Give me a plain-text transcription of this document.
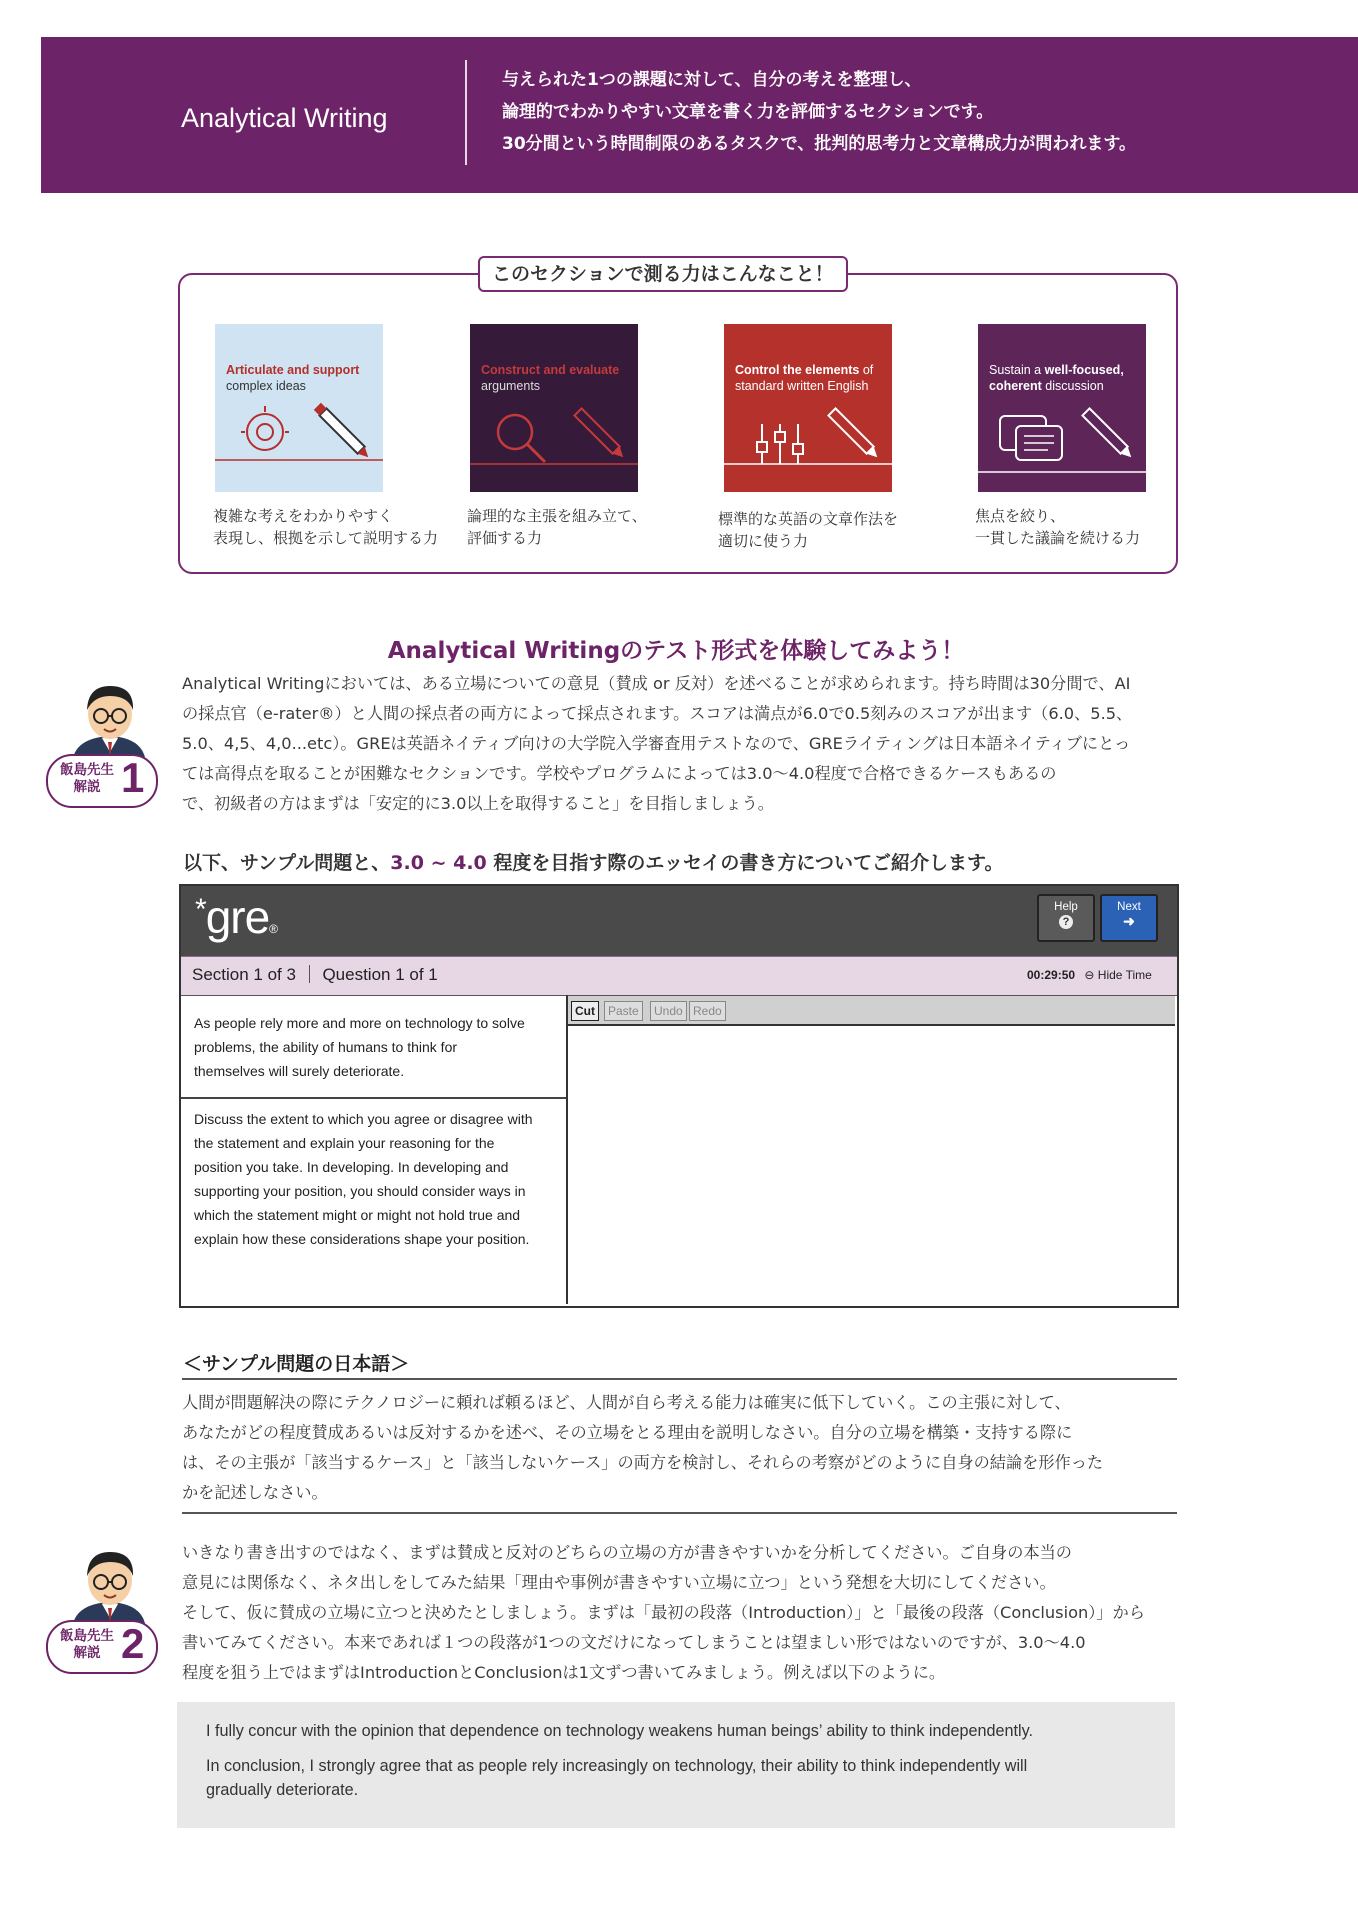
Analytical Writing
与えられた1つの課題に対して、自分の考えを整理し、
論理的でわかりやすい文章を書く力を評価するセクションです。
30分間という時間制限のあるタスクで、批判的思考力と文章構成力が問われます。
このセクションで測る力はこんなこと！
Articulate and support complex ideas
Construct and evaluate arguments
Control the elements of standard written English
Sustain a well-focused, coherent discussion
複雑な考えをわかりやすく
表現し、根拠を示して説明する力
論理的な主張を組み立て、
評価する力
標準的な英語の文章作法を
適切に使う力
焦点を絞り、
一貫した議論を続ける力
Analytical Writingのテスト形式を体験してみよう！
飯島先生
解説 1
Analytical Writingにおいては、ある立場についての意見（賛成 or 反対）を述べることが求められます。持ち時間は30分間で、AI
の採点官（e-rater®）と人間の採点者の両方によって採点されます。スコアは満点が6.0で0.5刻みのスコアが出ます（6.0、5.5、
5.0、4,5、4,0...etc）。GREは英語ネイティブ向けの大学院入学審査用テストなので、GREライティングは日本語ネイティブにとっ
ては高得点を取ることが困難なセクションです。学校やプログラムによっては3.0〜4.0程度で合格できるケースもあるの
で、初級者の方はまずは「安定的に3.0以上を取得すること」を目指しましょう。
以下、サンプル問題と、3.0 ~ 4.0 程度を目指す際のエッセイの書き方についてご紹介します。
*gre®
Help
?
Next
➜
Section 1 of 3 Question 1 of 1	00:29:50 ⊖ Hide Time
As people rely more and more on technology to solve
problems, the ability of humans to think for
themselves will surely deteriorate.
Discuss the extent to which you agree or disagree with
the statement and explain your reasoning for the
position you take. In developing. In developing and
supporting your position, you should consider ways in
which the statement might or might not hold true and
explain how these considerations shape your position.
Cut	Paste	Undo Redo
＜サンプル問題の日本語＞
人間が問題解決の際にテクノロジーに頼れば頼るほど、人間が自ら考える能力は確実に低下していく。この主張に対して、
あなたがどの程度賛成あるいは反対するかを述べ、その立場をとる理由を説明しなさい。自分の立場を構築・支持する際に
は、その主張が「該当するケース」と「該当しないケース」の両方を検討し、それらの考察がどのように自身の結論を形作った
かを記述しなさい。
飯島先生
解説 2
いきなり書き出すのではなく、まずは賛成と反対のどちらの立場の方が書きやすいかを分析してください。ご自身の本当の
意見には関係なく、ネタ出しをしてみた結果「理由や事例が書きやすい立場に立つ」という発想を大切にしてください。
そして、仮に賛成の立場に立つと決めたとしましょう。まずは「最初の段落（Introduction）」と「最後の段落（Conclusion）」から
書いてみてください。本来であれば１つの段落が1つの文だけになってしまうことは望ましい形ではないのですが、3.0〜4.0
程度を狙う上ではまずはIntroductionとConclusionは1文ずつ書いてみましょう。例えば以下のように。
I fully concur with the opinion that dependence on technology weakens human beings’ ability to think independently.
In conclusion, I strongly agree that as people rely increasingly on technology, their ability to think independently will
gradually deteriorate.
